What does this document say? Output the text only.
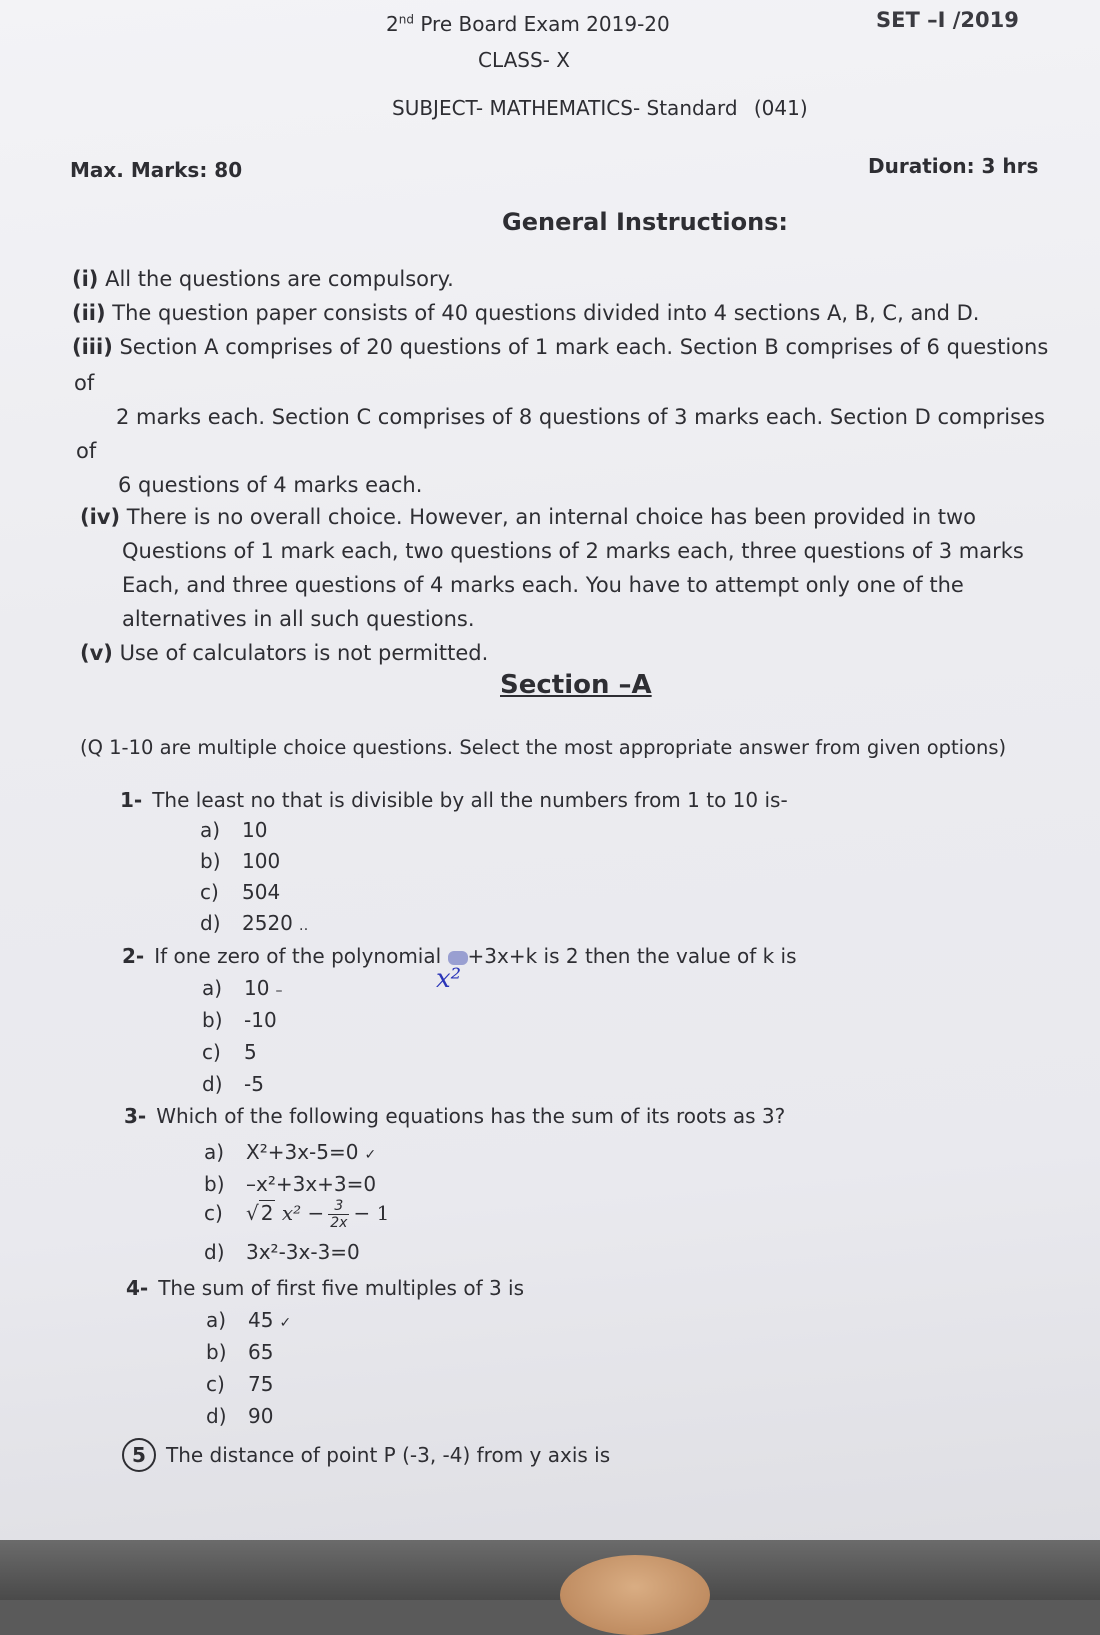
2nd Pre Board Exam 2019-20	SET –I /2019
CLASS- X
SUBJECT- MATHEMATICS- Standard (041)
Max. Marks: 80	Duration: 3 hrs
General Instructions:
(i) All the questions are compulsory.
(ii) The question paper consists of 40 questions divided into 4 sections A, B, C, and D.
(iii) Section A comprises of 20 questions of 1 mark each. Section B comprises of 6 questions
of
2 marks each. Section C comprises of 8 questions of 3 marks each. Section D comprises
of
6 questions of 4 marks each.
(iv) There is no overall choice. However, an internal choice has been provided in two
Questions of 1 mark each, two questions of 2 marks each, three questions of 3 marks
Each, and three questions of 4 marks each. You have to attempt only one of the
alternatives in all such questions.
(v) Use of calculators is not permitted.
Section –A
(Q 1-10 are multiple choice questions. Select the most appropriate answer from given options)
1- The least no that is divisible by all the numbers from 1 to 10 is-
a) 10
b) 100
c) 504
d) 2520 ․․
2- If one zero of the polynomial +3x+k is 2 then the value of k is
x²
a) 10 –
b) -10
c) 5
d) -5
3- Which of the following equations has the sum of its roots as 3?
a) X²+3x-5=0 ✓
b) –x²+3x+3=0
c) √ 2 $x^2 - \frac{3}{2x} - 1$
d) 3x²-3x-3=0
4- The sum of first five multiples of 3 is
a) 45 ✓
b) 65
c) 75
d) 90
5 The distance of point P (-3, -4) from y axis is
